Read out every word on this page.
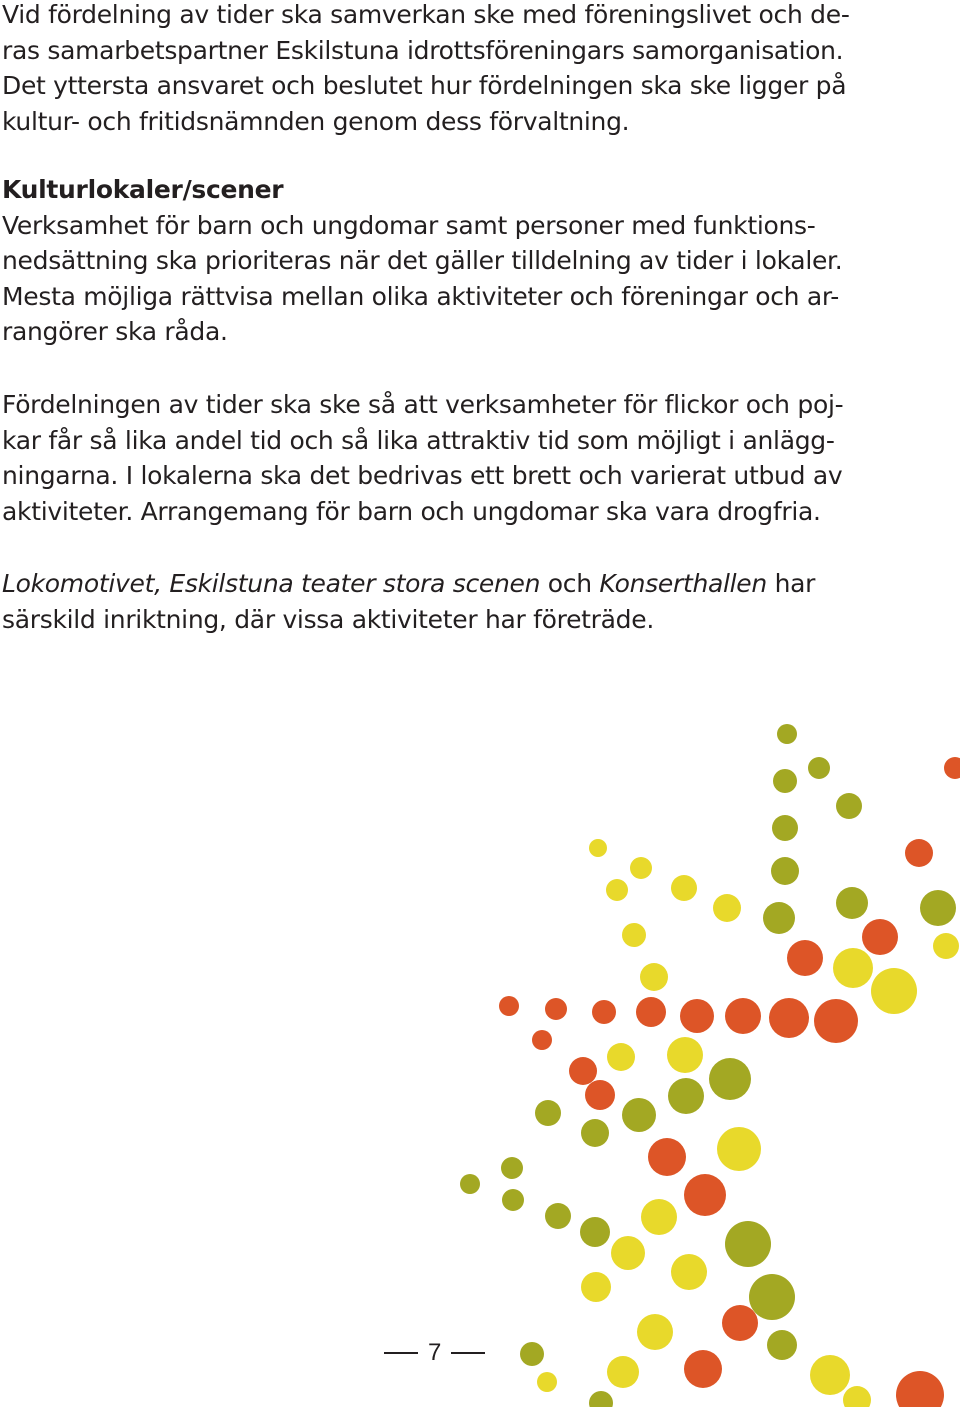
Vid fördelning av tider ska samverkan ske med föreningslivet och de-
ras samarbetspartner Eskilstuna idrottsföreningars samorganisation.
Det yttersta ansvaret och beslutet hur fördelningen ska ske ligger på
kultur- och fritidsnämnden genom dess förvaltning.

Kulturlokaler/scener
Verksamhet för barn och ungdomar samt personer med funktions-
nedsättning ska prioriteras när det gäller tilldelning av tider i lokaler.
Mesta möjliga rättvisa mellan olika aktiviteter och föreningar och ar-
rangörer ska råda.

Fördelningen av tider ska ske så att verksamheter för flickor och poj-
kar får så lika andel tid och så lika attraktiv tid som möjligt i anlägg-
ningarna. I lokalerna ska det bedrivas ett brett och varierat utbud av
aktiviteter. Arrangemang för barn och ungdomar ska vara drogfria.

Lokomotivet, Eskilstuna teater stora scenen och Konserthallen har
särskild inriktning, där vissa aktiviteter har företräde.

7
